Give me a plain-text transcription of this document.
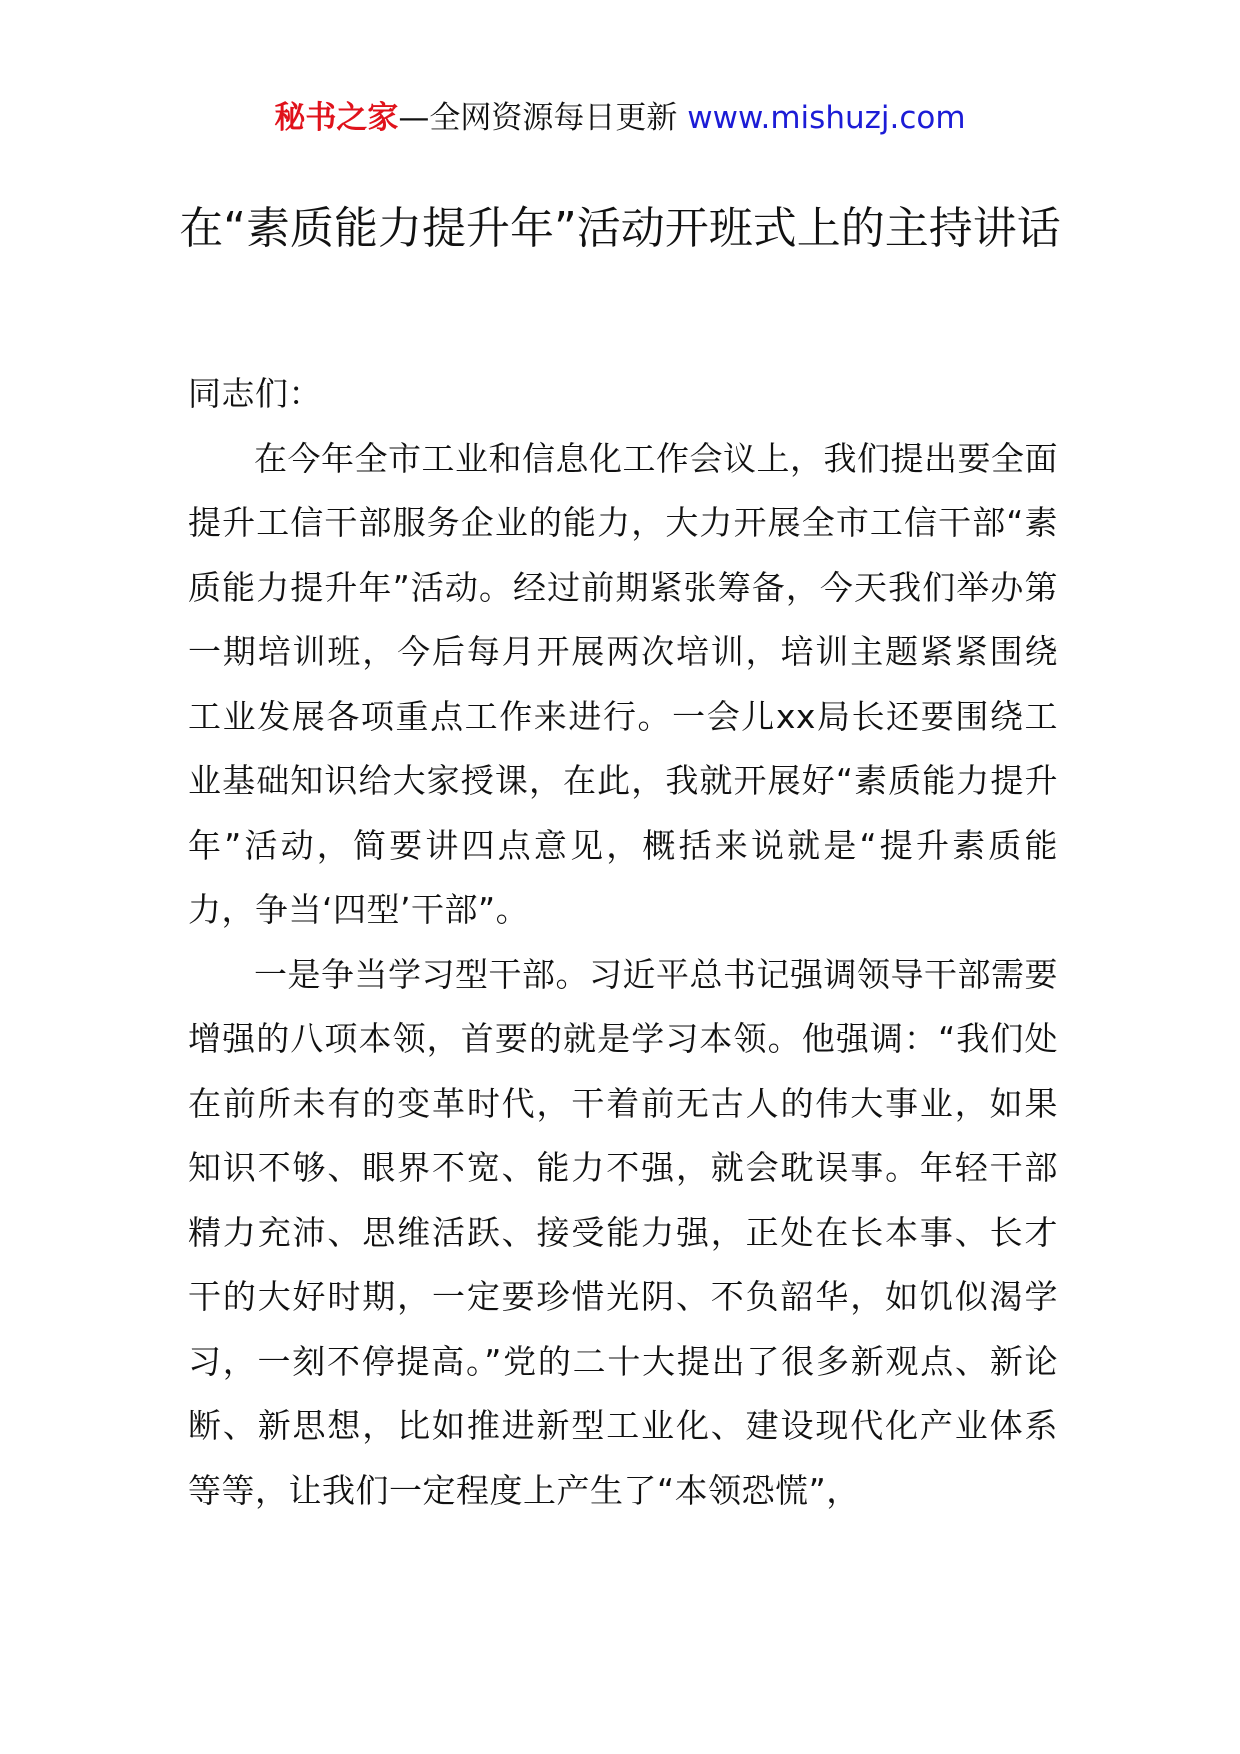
秘书之家—全网资源每日更新 www.mishuzj.com
在“素质能力提升年”活动开班式上的主持讲话

同志们：

在今年全市工业和信息化工作会议上，我们提出要全面提升工信干部服务企业的能力，大力开展全市工信干部“素质能力提升年”活动。经过前期紧张筹备，今天我们举办第一期培训班，今后每月开展两次培训，培训主题紧紧围绕工业发展各项重点工作来进行。一会儿xx局长还要围绕工业基础知识给大家授课，在此，我就开展好“素质能力提升年”活动，简要讲四点意见，概括来说就是“提升素质能力，争当‘四型’干部”。

一是争当学习型干部。习近平总书记强调领导干部需要增强的八项本领，首要的就是学习本领。他强调：“我们处在前所未有的变革时代，干着前无古人的伟大事业，如果知识不够、眼界不宽、能力不强，就会耽误事。年轻干部精力充沛、思维活跃、接受能力强，正处在长本事、长才干的大好时期，一定要珍惜光阴、不负韶华，如饥似渴学习，一刻不停提高。”党的二十大提出了很多新观点、新论断、新思想，比如推进新型工业化、建设现代化产业体系等等，让我们一定程度上产生了“本领恐慌”，
